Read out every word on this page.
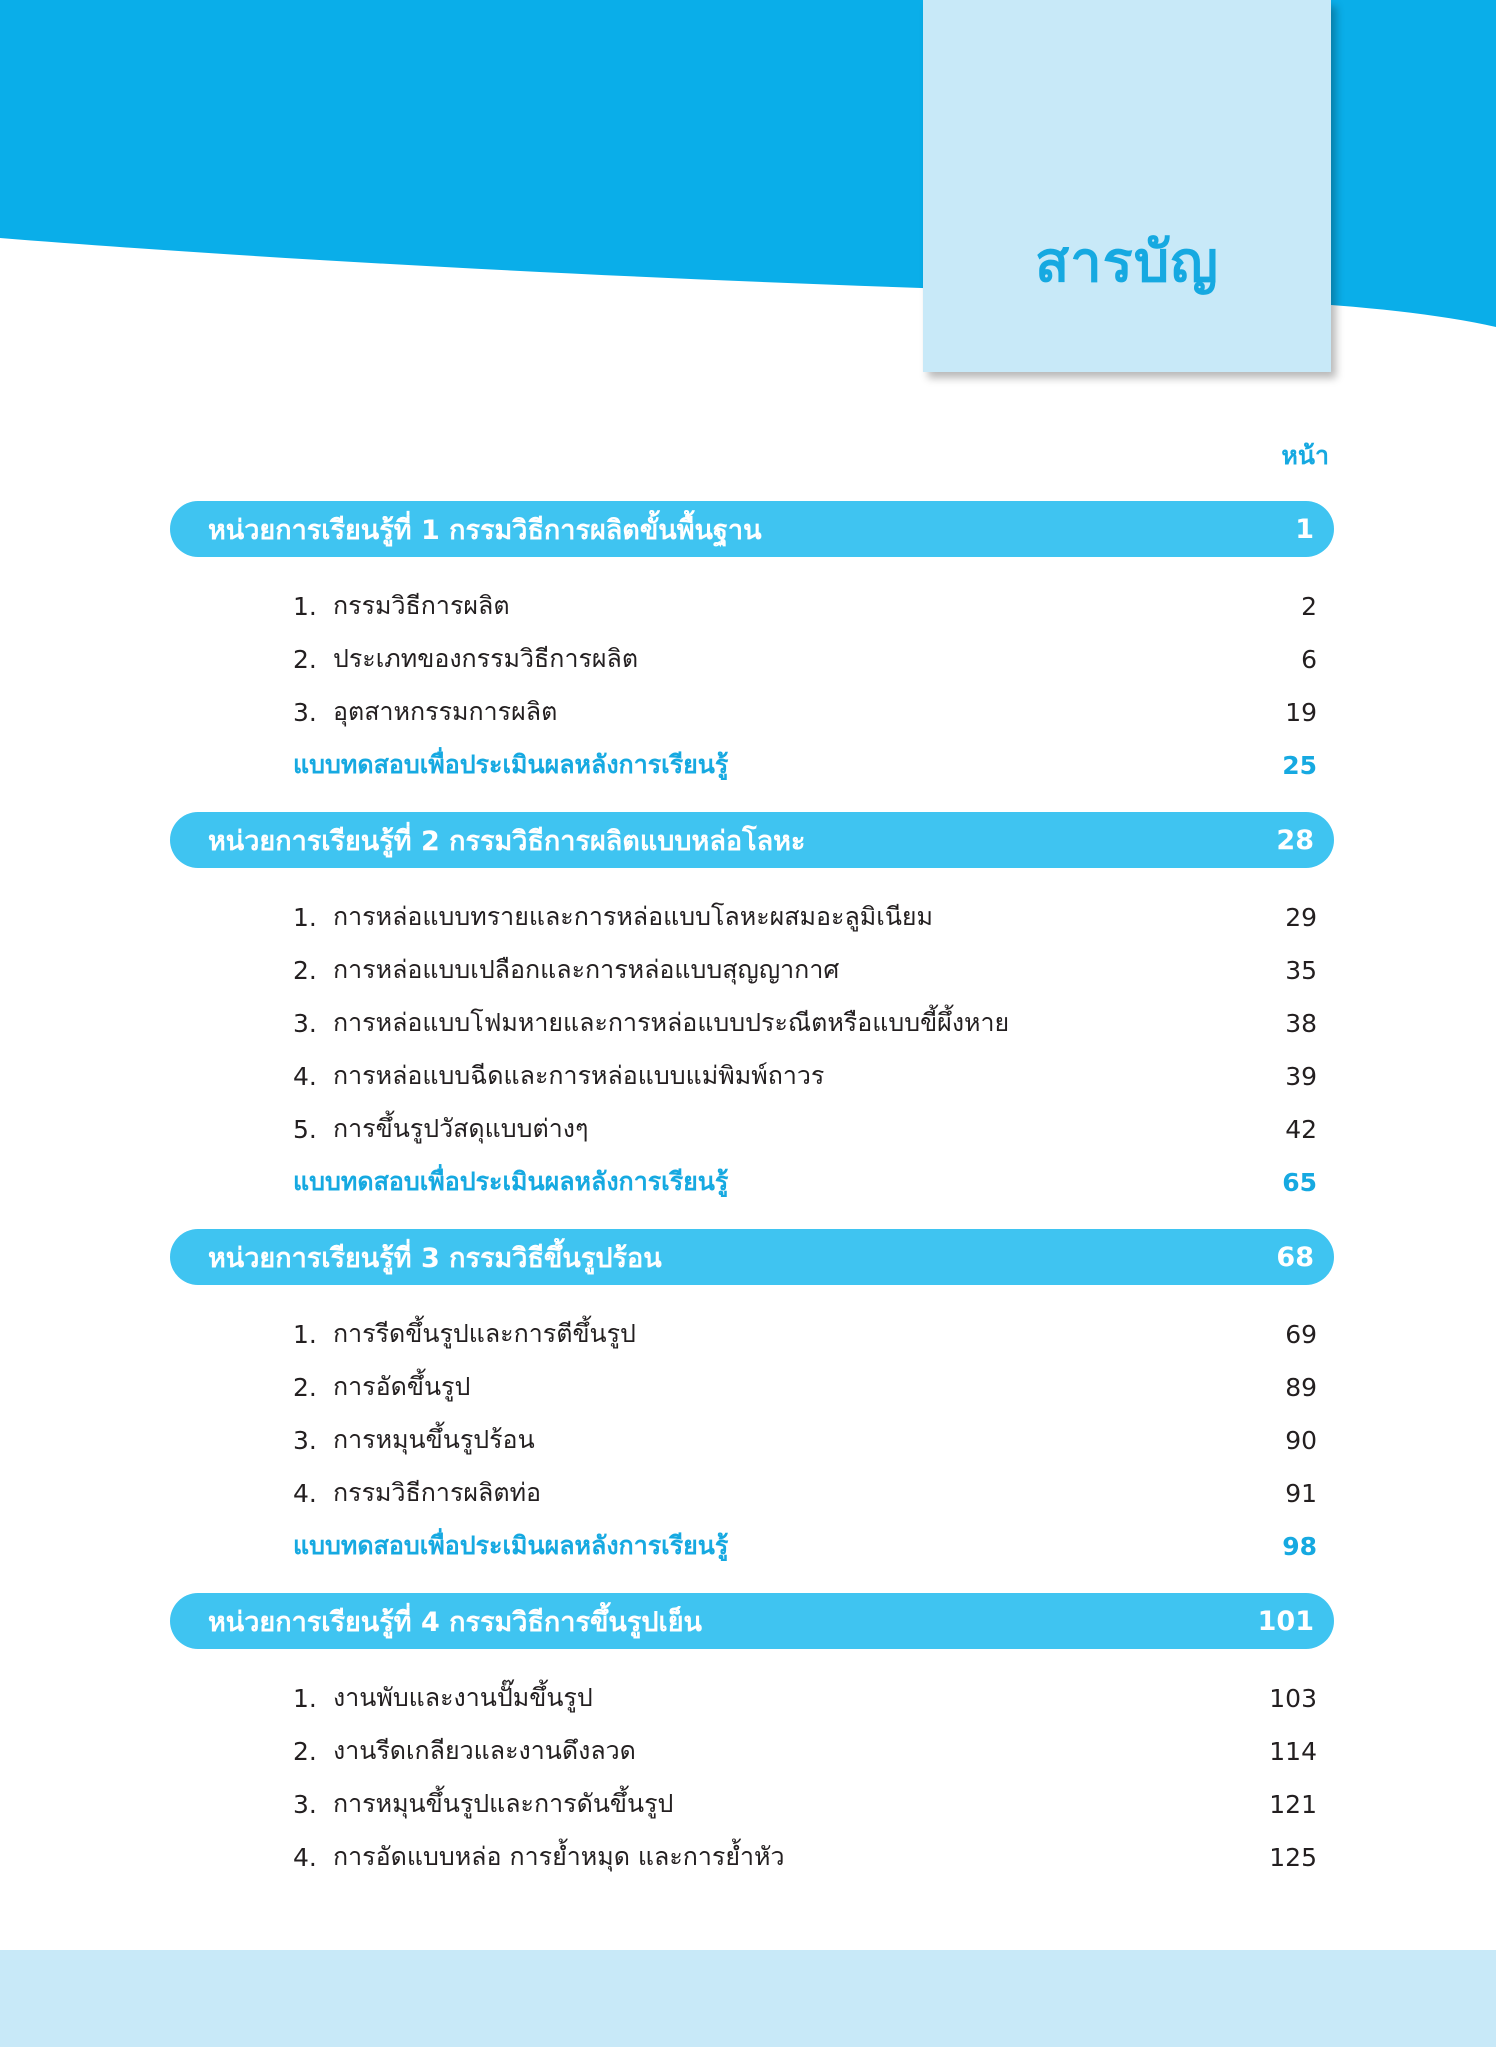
สารบัญ
หน้า
หน่วยการเรียนรู้ที่ 1 กรรมวิธีการผลิตขั้นพื้นฐาน	1
1. กรรมวิธีการผลิต	2
2. ประเภทของกรรมวิธีการผลิต	6
3. อุตสาหกรรมการผลิต	19
แบบทดสอบเพื่อประเมินผลหลังการเรียนรู้	25
หน่วยการเรียนรู้ที่ 2 กรรมวิธีการผลิตแบบหล่อโลหะ	28
1. การหล่อแบบทรายและการหล่อแบบโลหะผสมอะลูมิเนียม	29
2. การหล่อแบบเปลือกและการหล่อแบบสุญญากาศ	35
3. การหล่อแบบโฟมหายและการหล่อแบบประณีตหรือแบบขี้ผึ้งหาย	38
4. การหล่อแบบฉีดและการหล่อแบบแม่พิมพ์ถาวร	39
5. การขึ้นรูปวัสดุแบบต่างๆ	42
แบบทดสอบเพื่อประเมินผลหลังการเรียนรู้	65
หน่วยการเรียนรู้ที่ 3 กรรมวิธีขึ้นรูปร้อน	68
1. การรีดขึ้นรูปและการตีขึ้นรูป	69
2. การอัดขึ้นรูป	89
3. การหมุนขึ้นรูปร้อน	90
4. กรรมวิธีการผลิตท่อ	91
แบบทดสอบเพื่อประเมินผลหลังการเรียนรู้	98
หน่วยการเรียนรู้ที่ 4 กรรมวิธีการขึ้นรูปเย็น	101
1. งานพับและงานปั๊มขึ้นรูป	103
2. งานรีดเกลียวและงานดึงลวด	114
3. การหมุนขึ้นรูปและการดันขึ้นรูป	121
4. การอัดแบบหล่อ การย้ำหมุด และการย้ำหัว	125
